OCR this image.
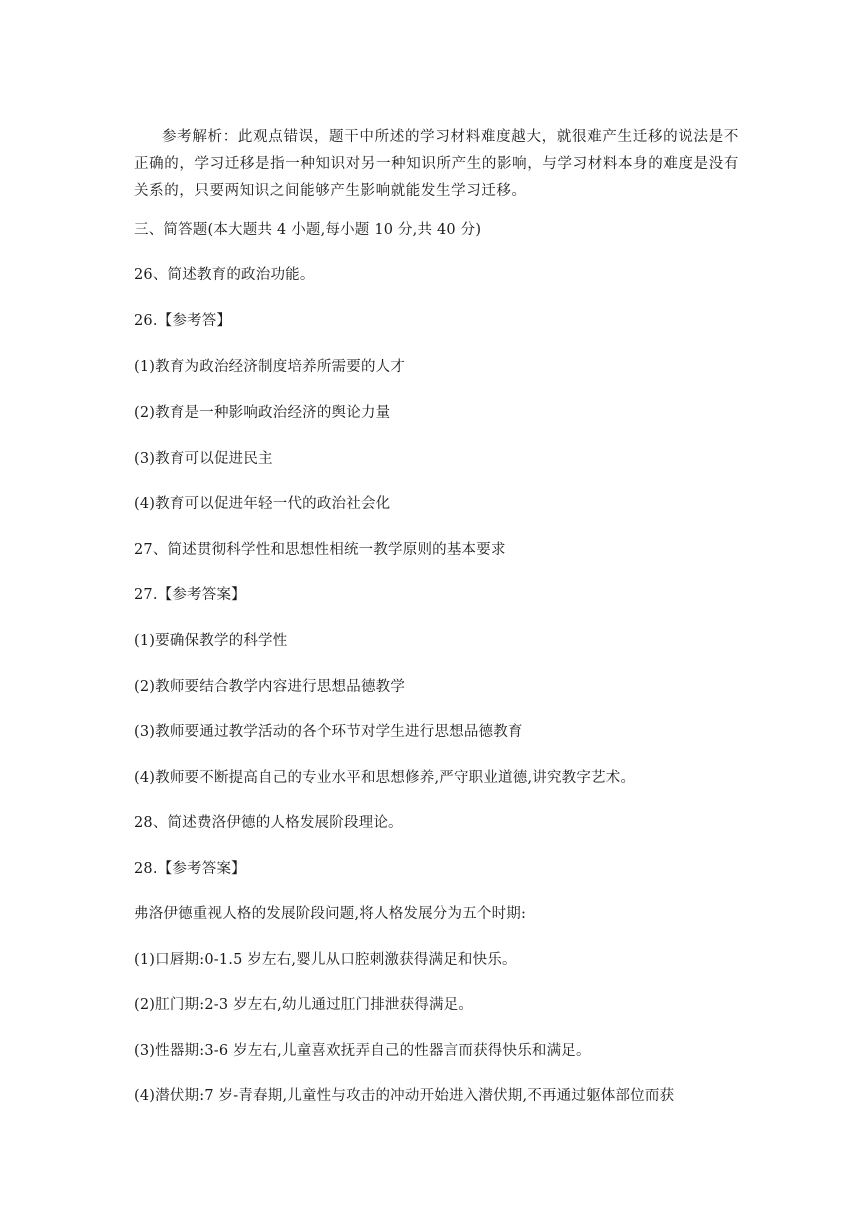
参考解析：此观点错误，题干中所述的学习材料难度越大，就很难产生迁移的说法是不正确的，学习迁移是指一种知识对另一种知识所产生的影响，与学习材料本身的难度是没有关系的，只要两知识之间能够产生影响就能发生学习迁移。
三、简答题(本大题共 4 小题,每小题 10 分,共 40 分)
26、简述教育的政治功能。
26.【参考答】
(1)教育为政治经济制度培养所需要的人才
(2)教育是一种影响政治经济的舆论力量
(3)教育可以促进民主
(4)教育可以促进年轻一代的政治社会化
27、简述贯彻科学性和思想性相统一教学原则的基本要求
27.【参考答案】
(1)要确保教学的科学性
(2)教师要结合教学内容进行思想品德教学
(3)教师要通过教学活动的各个环节对学生进行思想品德教育
(4)教师要不断提高自己的专业水平和思想修养,严守职业道德,讲究教字艺术。
28、简述费洛伊德的人格发展阶段理论。
28.【参考答案】
弗洛伊德重视人格的发展阶段问题,将人格发展分为五个时期:
(1)口唇期:0-1.5 岁左右,婴儿从口腔刺激获得满足和快乐。
(2)肛门期:2-3 岁左右,幼儿通过肛门排泄获得满足。
(3)性器期:3-6 岁左右,儿童喜欢抚弄自己的性器言而获得快乐和满足。
(4)潜伏期:7 岁-青春期,儿童性与攻击的冲动开始进入潜伏期,不再通过躯体部位而获
